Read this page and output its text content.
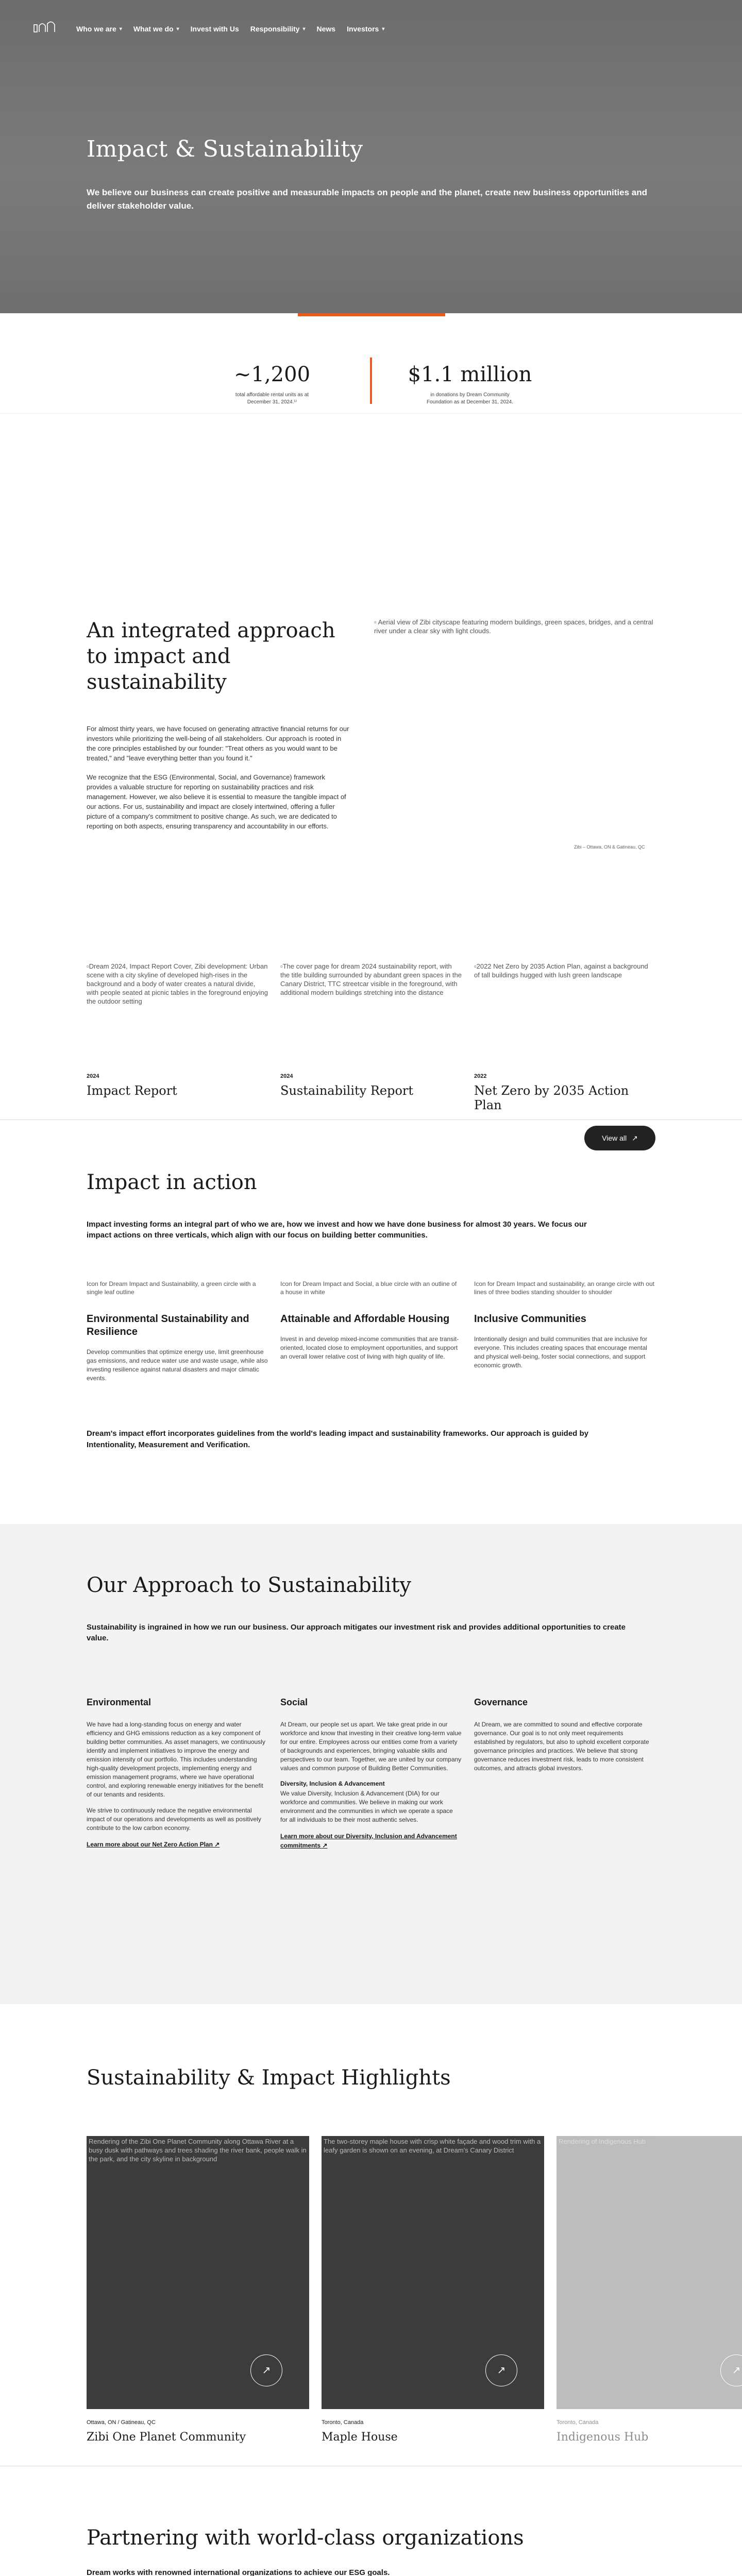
Who we are ▾ What we do ▾ Invest with Us Responsibility ▾ News Investors ▾
Impact & Sustainability

We believe our business can create positive and measurable impacts on people and the planet, create new business opportunities and deliver stakeholder value.

~1,200
total affordable rental units as at December 31, 2024.¹⁾
$1.1 million
in donations by Dream Community Foundation as at December 31, 2024.
An integrated approach to impact and sustainability

For almost thirty years, we have focused on generating attractive financial returns for our investors while prioritizing the well-being of all stakeholders. Our approach is rooted in the core principles established by our founder: "Treat others as you would want to be treated," and "leave everything better than you found it."

We recognize that the ESG (Environmental, Social, and Governance) framework provides a valuable structure for reporting on sustainability practices and risk management. However, we also believe it is essential to measure the tangible impact of our actions. For us, sustainability and impact are closely intertwined, offering a fuller picture of a company's commitment to positive change. As such, we are dedicated to reporting on both aspects, ensuring transparency and accountability in our efforts.

▫ Aerial view of Zibi cityscape featuring modern buildings, green spaces, bridges, and a central river under a clear sky with light clouds.
Zibi – Ottawa, ON & Gatineau, QC
▫Dream 2024, Impact Report Cover, Zibi development: Urban scene with a city skyline of developed high-rises in the background and a body of water creates a natural divide, with people seated at picnic tables in the foreground enjoying the outdoor setting
2024
Impact Report
▫The cover page for dream 2024 sustainability report, with the title building surrounded by abundant green spaces in the Canary District, TTC streetcar visible in the foreground, with additional modern buildings stretching into the distance
2024
Sustainability Report
▫2022 Net Zero by 2035 Action Plan, against a background of tall buildings hugged with lush green landscape
2022
Net Zero by 2035 Action Plan
View all ↗
Impact in action

Impact investing forms an integral part of who we are, how we invest and how we have done business for almost 30 years. We focus our impact actions on three verticals, which align with our focus on building better communities.

Icon for Dream Impact and Sustainability, a green circle with a single leaf outline
Environmental Sustainability and Resilience
Develop communities that optimize energy use, limit greenhouse gas emissions, and reduce water use and waste usage, while also investing resilience against natural disasters and major climatic events.
Icon for Dream Impact and Social, a blue circle with an outline of a house in white
Attainable and Affordable Housing
Invest in and develop mixed-income communities that are transit-oriented, located close to employment opportunities, and support an overall lower relative cost of living with high quality of life.
Icon for Dream Impact and sustainability, an orange circle with out lines of three bodies standing shoulder to shoulder
Inclusive Communities
Intentionally design and build communities that are inclusive for everyone. This includes creating spaces that encourage mental and physical well-being, foster social connections, and support economic growth.

Dream's impact effort incorporates guidelines from the world's leading impact and sustainability frameworks. Our approach is guided by Intentionality, Measurement and Verification.

Our Approach to Sustainability

Sustainability is ingrained in how we run our business. Our approach mitigates our investment risk and provides additional opportunities to create value.

Environmental

We have had a long-standing focus on energy and water efficiency and GHG emissions reduction as a key component of building better communities. As asset managers, we continuously identify and implement initiatives to improve the energy and emission intensity of our portfolio. This includes understanding high-quality development projects, implementing energy and emission management programs, where we have operational control, and exploring renewable energy initiatives for the benefit of our tenants and residents.

We strive to continuously reduce the negative environmental impact of our operations and developments as well as positively contribute to the low carbon economy.

Learn more about our Net Zero Action Plan ↗
Social

At Dream, our people set us apart. We take great pride in our workforce and know that investing in their creative long-term value for our entire. Employees across our entities come from a variety of backgrounds and experiences, bringing valuable skills and perspectives to our team. Together, we are united by our company values and common purpose of Building Better Communities.

Diversity, Inclusion & Advancement

We value Diversity, Inclusion & Advancement (DIA) for our workforce and communities. We believe in making our work environment and the communities in which we operate a space for all individuals to be their most authentic selves.

Learn more about our Diversity, Inclusion and Advancement commitments ↗
Governance

At Dream, we are committed to sound and effective corporate governance. Our goal is to not only meet requirements established by regulators, but also to uphold excellent corporate governance principles and practices. We believe that strong governance reduces investment risk, leads to more consistent outcomes, and attracts global investors.

Sustainability & Impact Highlights
Rendering of the Zibi One Planet Community along Ottawa River at a busy dusk with pathways and trees shading the river bank, people walk in the park, and the city skyline in background
↗
Ottawa, ON / Gatineau, QC
Zibi One Planet Community
The two-storey maple house with crisp white façade and wood trim with a leafy garden is shown on an evening, at Dream's Canary District
↗
Toronto, Canada
Maple House
Rendering of Indigenous Hub
↗
Toronto, Canada
Indigenous Hub
Partnering with world-class organizations

Dream works with renowned international organizations to achieve our ESG goals.
